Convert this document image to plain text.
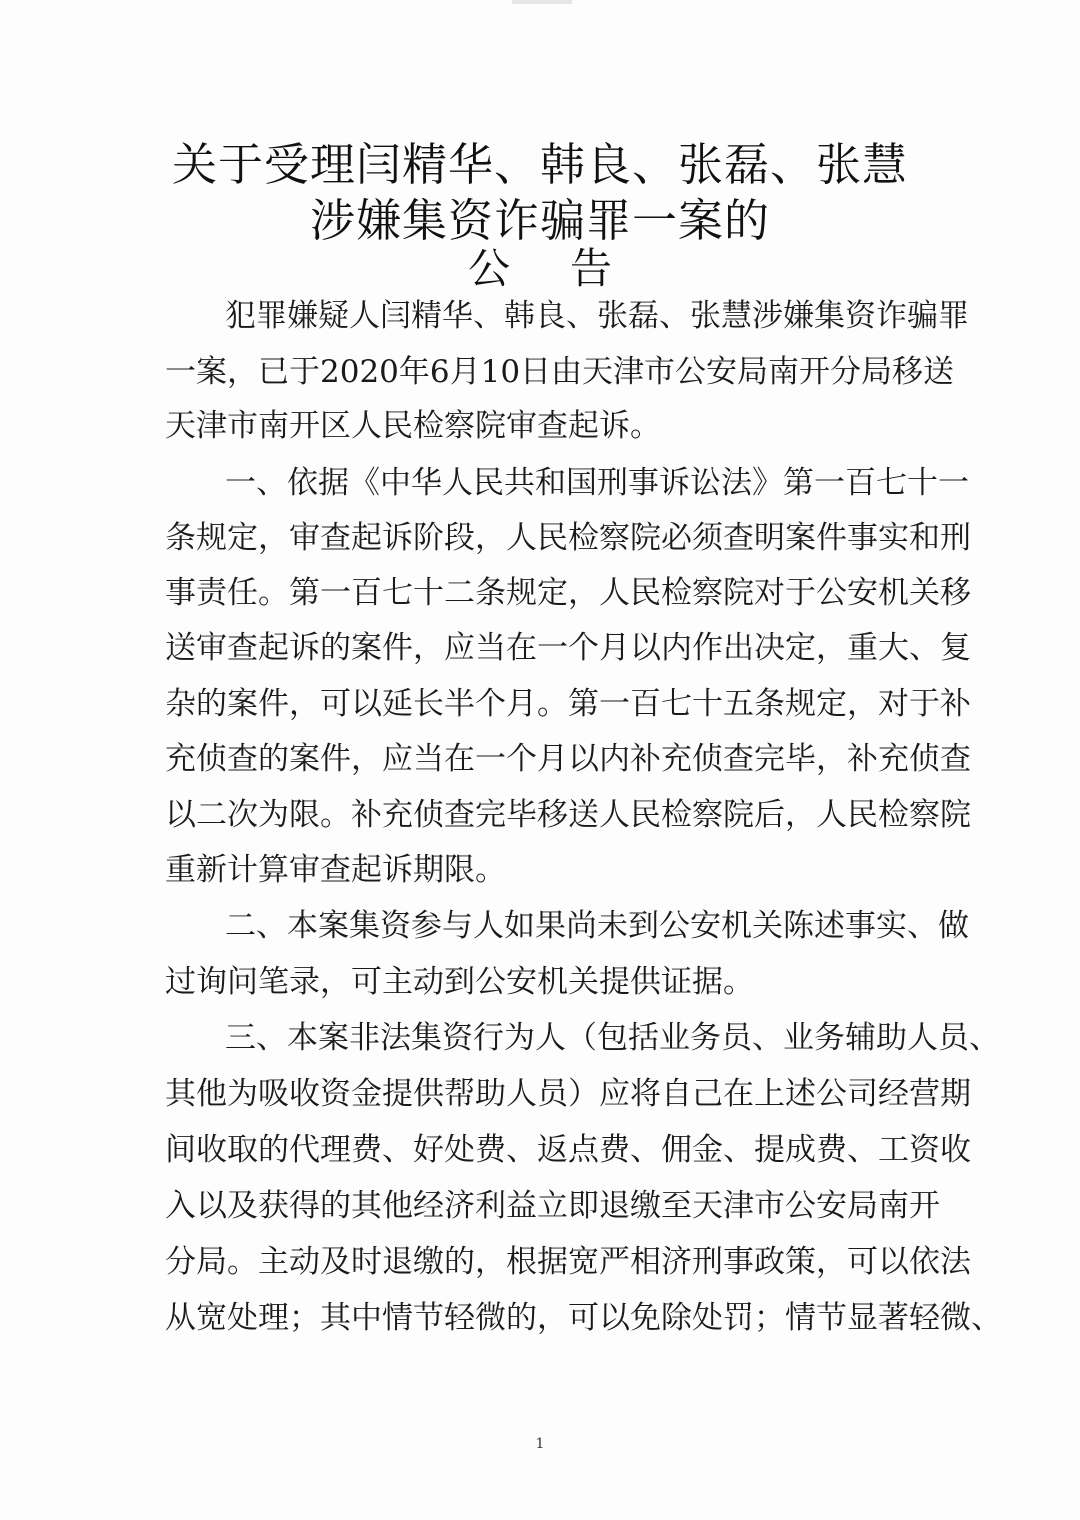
关于受理闫精华、韩良、张磊、张慧
涉嫌集资诈骗罪一案的
公告
犯罪嫌疑人闫精华、韩良、张磊、张慧涉嫌集资诈骗罪
一案，已于2020年6月10日由天津市公安局南开分局移送
天津市南开区人民检察院审查起诉。
一、依据《中华人民共和国刑事诉讼法》第一百七十一
条规定，审查起诉阶段，人民检察院必须查明案件事实和刑
事责任。第一百七十二条规定，人民检察院对于公安机关移
送审查起诉的案件，应当在一个月以内作出决定，重大、复
杂的案件，可以延长半个月。第一百七十五条规定，对于补
充侦查的案件，应当在一个月以内补充侦查完毕，补充侦查
以二次为限。补充侦查完毕移送人民检察院后，人民检察院
重新计算审查起诉期限。
二、本案集资参与人如果尚未到公安机关陈述事实、做
过询问笔录，可主动到公安机关提供证据。
三、本案非法集资行为人（包括业务员、业务辅助人员、
其他为吸收资金提供帮助人员）应将自己在上述公司经营期
间收取的代理费、好处费、返点费、佣金、提成费、工资收
入以及获得的其他经济利益立即退缴至天津市公安局南开
分局。主动及时退缴的，根据宽严相济刑事政策，可以依法
从宽处理；其中情节轻微的，可以免除处罚；情节显著轻微、
1
